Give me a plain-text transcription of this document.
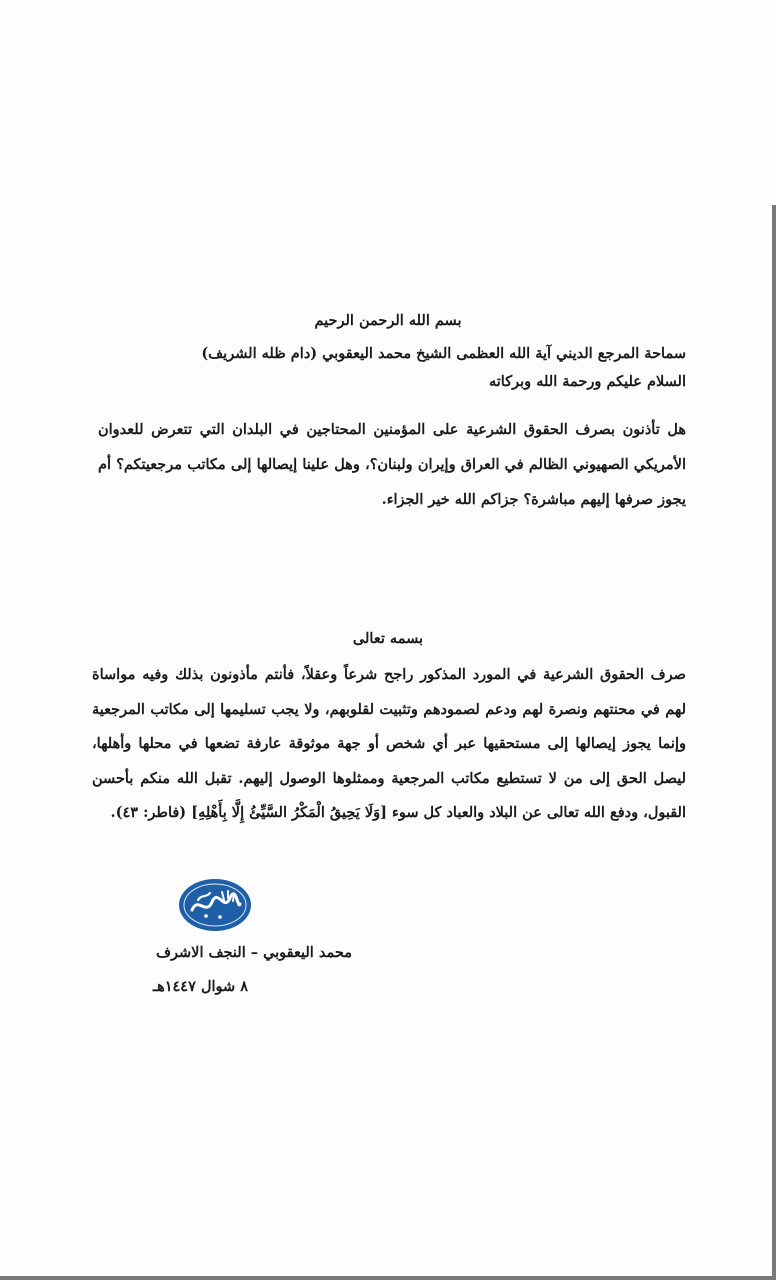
بسم الله الرحمن الرحيم
سماحة المرجع الديني آية الله العظمى الشيخ محمد اليعقوبي (دام ظله الشريف)
السلام عليكم ورحمة الله وبركاته
هل تأذنون بصرف الحقوق الشرعية على المؤمنين المحتاجين في البلدان التي تتعرض للعدوان الأمريكي الصهيوني الظالم في العراق وإيران ولبنان؟، وهل علينا إيصالها إلى مكاتب مرجعيتكم؟ أم يجوز صرفها إليهم مباشرة؟ جزاكم الله خير الجزاء.
بسمه تعالى
صرف الحقوق الشرعية في المورد المذكور راجح شرعاً وعقلاً، فأنتم مأذونون بذلك وفيه مواساة لهم في محنتهم ونصرة لهم ودعم لصمودهم وتثبيت لقلوبهم، ولا يجب تسليمها إلى مكاتب المرجعية وإنما يجوز إيصالها إلى مستحقيها عبر أي شخص أو جهة موثوقة عارفة تضعها في محلها وأهلها، ليصل الحق إلى من لا تستطيع مكاتب المرجعية وممثلوها الوصول إليهم. تقبل الله منكم بأحسن القبول، ودفع الله تعالى عن البلاد والعباد كل سوء [وَلَا يَحِيقُ الْمَكْرُ السَّيِّئُ إِلَّا بِأَهْلِهِ] (فاطر: ٤٣).
محمد اليعقوبي – النجف الاشرف
٨ شوال ١٤٤٧هـ
